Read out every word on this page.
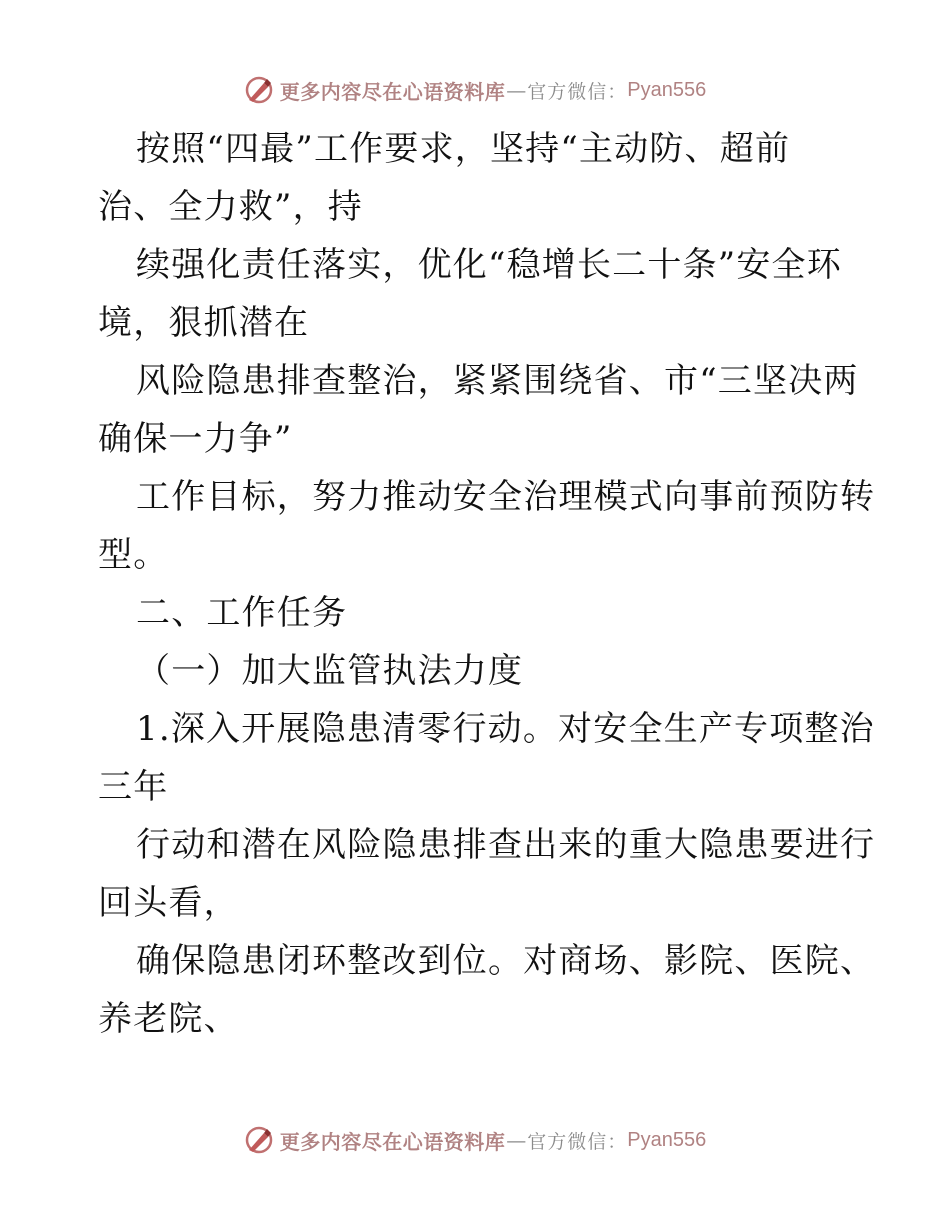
更多内容尽在心语资料库 — 官方微信： Pyan556
按照“四最”工作要求，坚持“主动防、超前
治、全力救”，持
续强化责任落实，优化“稳增长二十条”安全环
境，狠抓潜在
风险隐患排查整治，紧紧围绕省、市“三坚决两
确保一力争”
工作目标，努力推动安全治理模式向事前预防转
型。
二、工作任务
（一）加大监管执法力度
1.深入开展隐患清零行动。对安全生产专项整治
三年
行动和潜在风险隐患排查出来的重大隐患要进行
回头看，
确保隐患闭环整改到位。对商场、影院、医院、
养老院、
更多内容尽在心语资料库 — 官方微信： Pyan556
